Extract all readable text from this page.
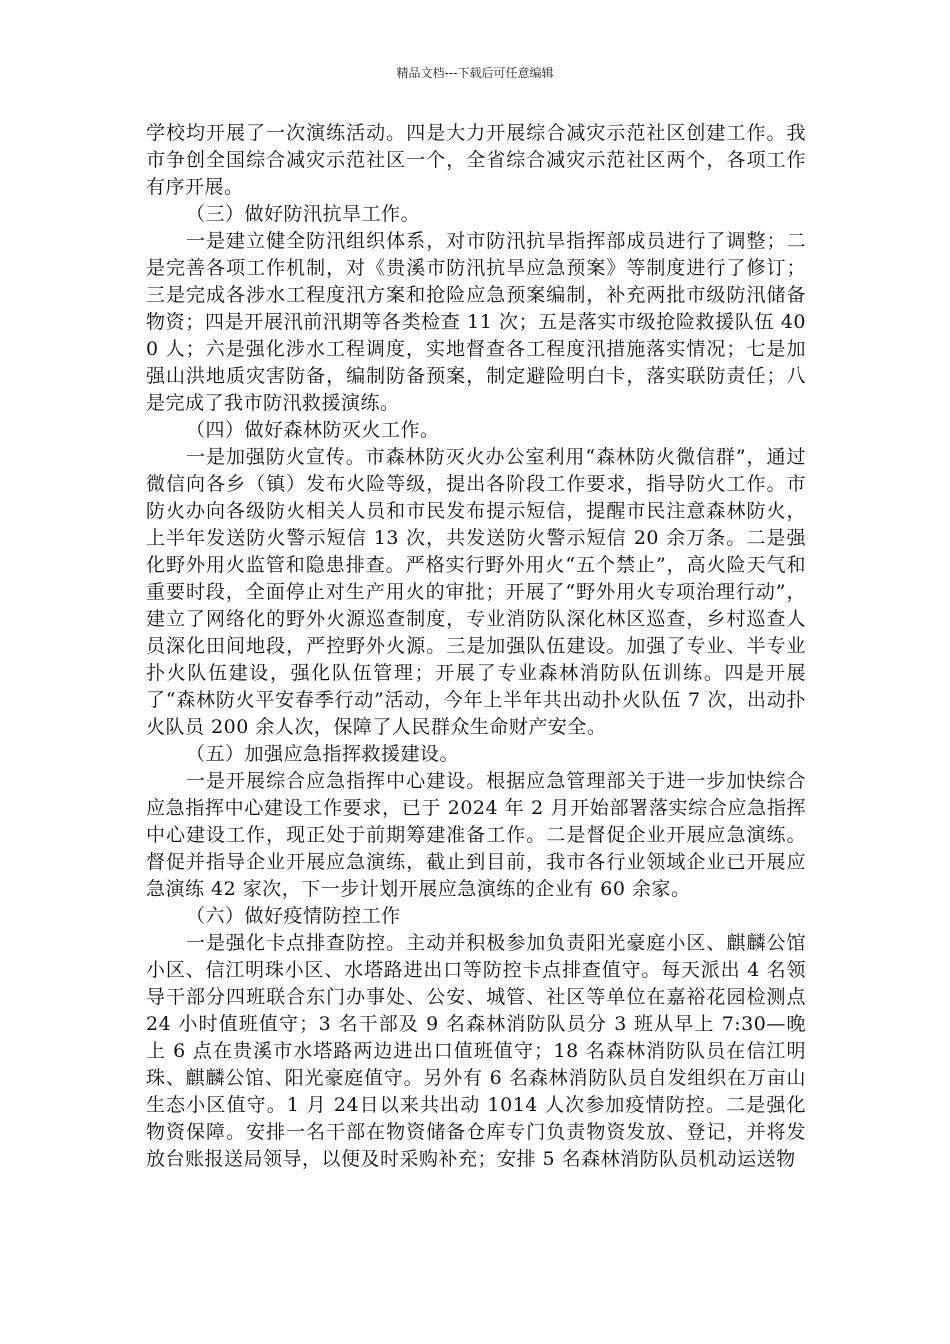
精品文档---下载后可任意编辑

学校均开展了一次演练活动。四是大力开展综合减灾示范社区创建工作。我市争创全国综合减灾示范社区一个，全省综合减灾示范社区两个，各项工作有序开展。

（三）做好防汛抗旱工作。

一是建立健全防汛组织体系，对市防汛抗旱指挥部成员进行了调整；二是完善各项工作机制，对《贵溪市防汛抗旱应急预案》等制度进行了修订；三是完成各涉水工程度汛方案和抢险应急预案编制，补充两批市级防汛储备物资；四是开展汛前汛期等各类检查 11 次；五是落实市级抢险救援队伍 400 人；六是强化涉水工程调度，实地督查各工程度汛措施落实情况；七是加强山洪地质灾害防备，编制防备预案，制定避险明白卡，落实联防责任；八是完成了我市防汛救援演练。

（四）做好森林防灭火工作。

一是加强防火宣传。市森林防灭火办公室利用“森林防火微信群”，通过微信向各乡（镇）发布火险等级，提出各阶段工作要求，指导防火工作。市防火办向各级防火相关人员和市民发布提示短信，提醒市民注意森林防火，上半年发送防火警示短信 13 次，共发送防火警示短信 20 余万条。二是强化野外用火监管和隐患排查。严格实行野外用火“五个禁止”，高火险天气和重要时段，全面停止对生产用火的审批；开展了“野外用火专项治理行动”，建立了网络化的野外火源巡查制度，专业消防队深化林区巡查，乡村巡查人员深化田间地段，严控野外火源。三是加强队伍建设。加强了专业、半专业扑火队伍建设，强化队伍管理；开展了专业森林消防队伍训练。四是开展了“森林防火平安春季行动”活动，今年上半年共出动扑火队伍 7 次，出动扑火队员 200 余人次，保障了人民群众生命财产安全。

（五）加强应急指挥救援建设。

一是开展综合应急指挥中心建设。根据应急管理部关于进一步加快综合应急指挥中心建设工作要求，已于 2024 年 2 月开始部署落实综合应急指挥中心建设工作，现正处于前期筹建准备工作。二是督促企业开展应急演练。督促并指导企业开展应急演练，截止到目前，我市各行业领域企业已开展应急演练 42 家次，下一步计划开展应急演练的企业有 60 余家。

（六）做好疫情防控工作

一是强化卡点排查防控。主动并积极参加负责阳光豪庭小区、麒麟公馆小区、信江明珠小区、水塔路进出口等防控卡点排查值守。每天派出 4 名领导干部分四班联合东门办事处、公安、城管、社区等单位在嘉裕花园检测点 24 小时值班值守；3 名干部及 9 名森林消防队员分 3 班从早上 7:30—晚上 6 点在贵溪市水塔路两边进出口值班值守；18 名森林消防队员在信江明珠、麒麟公馆、阳光豪庭值守。另外有 6 名森林消防队员自发组织在万亩山生态小区值守。1 月 24日以来共出动 1014 人次参加疫情防控。二是强化物资保障。安排一名干部在物资储备仓库专门负责物资发放、登记，并将发放台账报送局领导，以便及时采购补充；安排 5 名森林消防队员机动运送物
